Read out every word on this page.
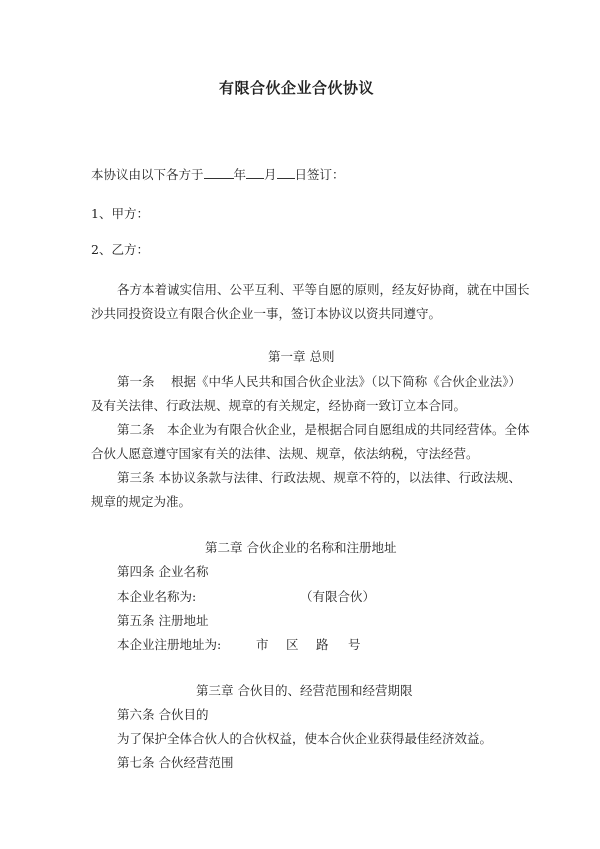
有限合伙企业合伙协议
本协议由以下各方于 年 月 日签订：
1、甲方：
2、乙方：
各方本着诚实信用、公平互利、平等自愿的原则，经友好协商，就在中国长
沙共同投资设立有限合伙企业一事，签订本协议以资共同遵守。
第一章 总则
第一条　 根据《中华人民共和国合伙企业法》（以下简称《合伙企业法》）
及有关法律、行政法规、规章的有关规定，经协商一致订立本合同。
第二条　本企业为有限合伙企业，是根据合同自愿组成的共同经营体。全体
合伙人愿意遵守国家有关的法律、法规、规章，依法纳税，守法经营。
第三条 本协议条款与法律、行政法规、规章不符的，以法律、行政法规、
规章的规定为准。
第二章 合伙企业的名称和注册地址
第四条 企业名称
本企业名称为:	（有限合伙）
第五条 注册地址
本企业注册地址为:	市 区 路 号
第三章 合伙目的、经营范围和经营期限
第六条 合伙目的
为了保护全体合伙人的合伙权益，使本合伙企业获得最佳经济效益。
第七条 合伙经营范围
